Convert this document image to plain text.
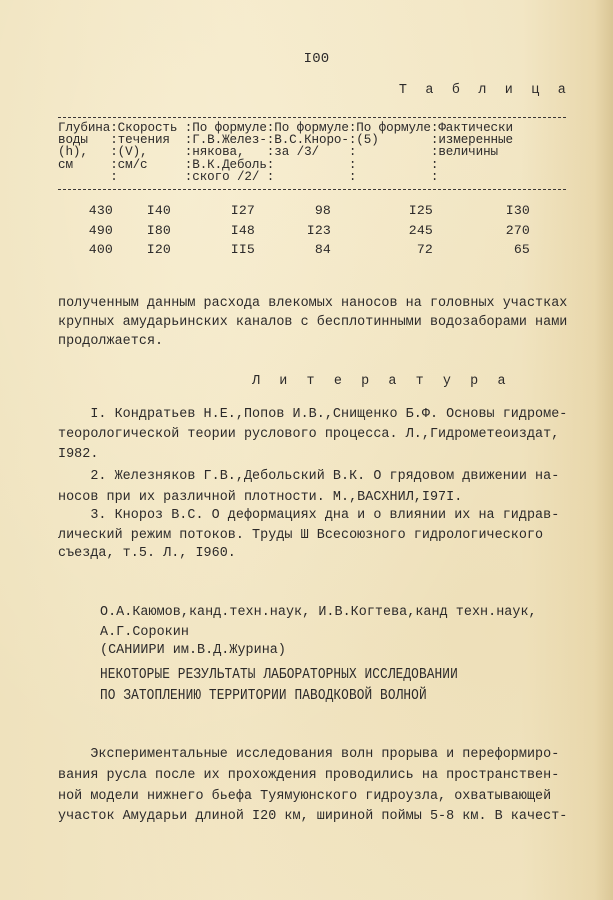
I00
Т а б л и ц а
Глубина:Скорость :По формуле:По формуле:По формуле:Фактически
воды   :течения  :Г.В.Желез-:В.С.Кноро-:(5)       :измеренные
(h),   :(V),     :някова,   :за /3/    :          :величины
см     :см/с     :В.К.Деболь:          :          :
:         :ского /2/ :          :          :
430	I40	I27	98	I25	I30
490	I80	I48	I23	245	270
400	I20	II5	84	72	65
полученным данным расхода влекомых наносов на головных участках
крупных амударьинских каналов с бесплотинными водозаборами нами
продолжается.
Л и т е р а т у р а
I. Кондратьев Н.Е.,Попов И.В.,Снищенко Б.Ф. Основы гидроме-
теорологической теории руслового процесса. Л.,Гидрометеоиздат,
I982.
2. Железняков Г.В.,Дебольский В.К. О грядовом движении на-
носов при их различной плотности. М.,ВАСХНИЛ,I97I.
3. Кнороз В.С. О деформациях дна и о влиянии их на гидрав-
лический режим потоков. Труды Ш Всесоюзного гидрологического
съезда, т.5. Л., I960.
О.А.Каюмов,канд.техн.наук, И.В.Когтева,канд техн.наук,
А.Г.Сорокин
(САНИИРИ им.В.Д.Журина)
НЕКОТОРЫЕ РЕЗУЛЬТАТЫ ЛАБОРАТОРНЫХ ИССЛЕДОВАНИИ
ПО ЗАТОПЛЕНИЮ ТЕРРИТОРИИ ПАВОДКОВОЙ ВОЛНОЙ
Экспериментальные исследования волн прорыва и переформиро-
вания русла после их прохождения проводились на пространствен-
ной модели нижнего бьефа Туямуюнского гидроузла, охватывающей
участок Амударьи длиной I20 км, шириной поймы 5-8 км. В качест-
